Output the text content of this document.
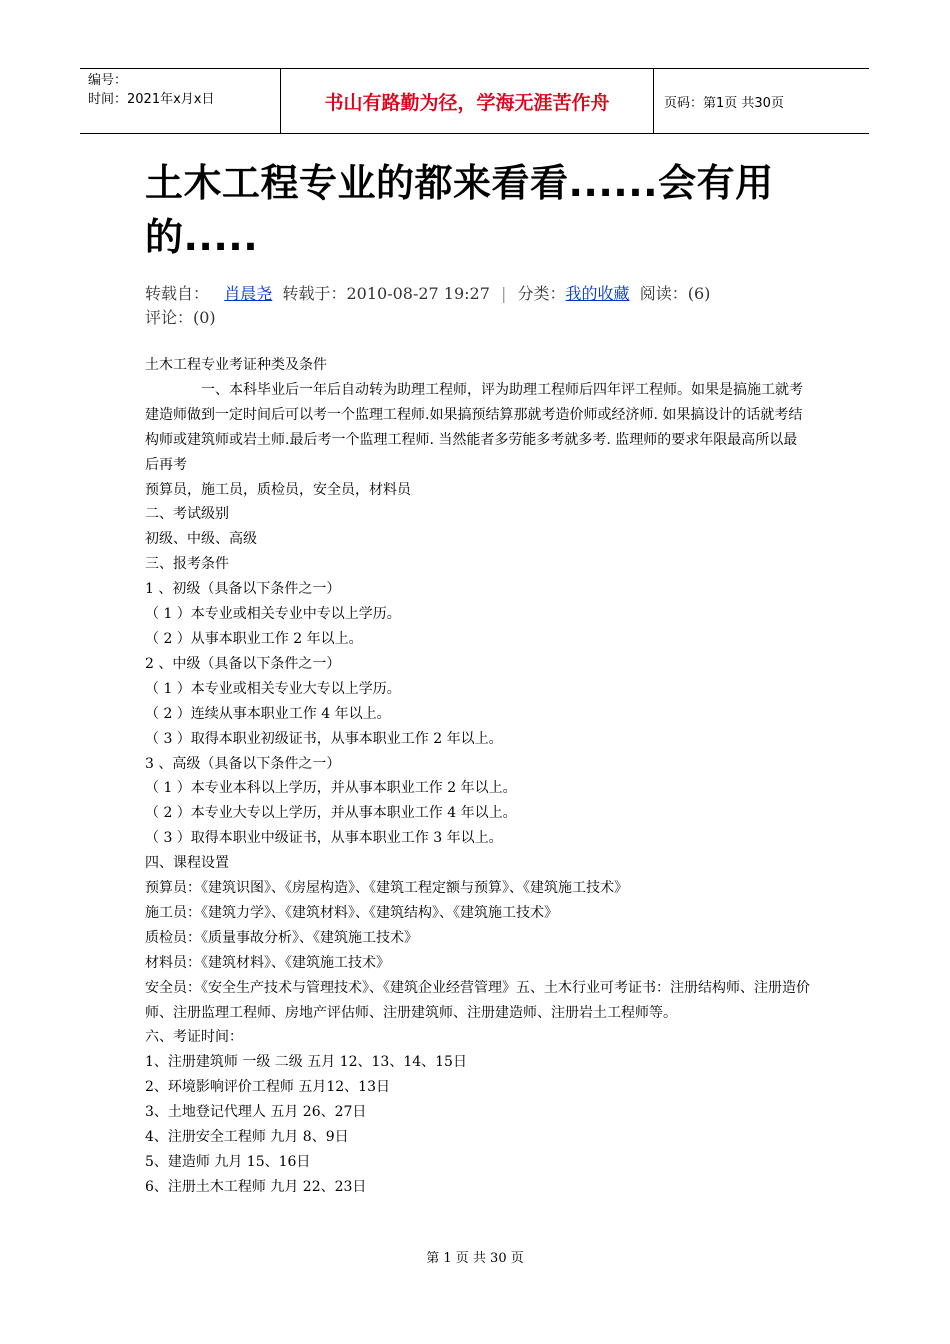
编号：
时间：2021年x月x日	书山有路勤为径，学海无涯苦作舟	页码：第1页 共30页
土木工程专业的都来看看......会有用的.....
转载自： 肖晨尧 转载于：2010-08-27 19:27 | 分类：我的收藏 阅读：(6)
评论：(0)

土木工程专业考证种类及条件

一、本科毕业后一年后自动转为助理工程师，评为助理工程师后四年评工程师。如果是搞施工就考建造师做到一定时间后可以考一个监理工程师.如果搞预结算那就考造价师或经济师. 如果搞设计的话就考结构师或建筑师或岩土师.最后考一个监理工程师. 当然能者多劳能多考就多考. 监理师的要求年限最高所以最后再考

预算员，施工员，质检员，安全员，材料员

二、考试级别

初级、中级、高级

三、报考条件

1 、初级（具备以下条件之一）

（ 1 ）本专业或相关专业中专以上学历。

（ 2 ）从事本职业工作 2 年以上。

2 、中级（具备以下条件之一）

（ 1 ）本专业或相关专业大专以上学历。

（ 2 ）连续从事本职业工作 4 年以上。

（ 3 ）取得本职业初级证书，从事本职业工作 2 年以上。

3 、高级（具备以下条件之一）

（ 1 ）本专业本科以上学历，并从事本职业工作 2 年以上。

（ 2 ）本专业大专以上学历，并从事本职业工作 4 年以上。

（ 3 ）取得本职业中级证书，从事本职业工作 3 年以上。

四、课程设置

预算员：《建筑识图》、《房屋构造》、《建筑工程定额与预算》、《建筑施工技术》

施工员：《建筑力学》、《建筑材料》、《建筑结构》、《建筑施工技术》

质检员：《质量事故分析》、《建筑施工技术》

材料员：《建筑材料》、《建筑施工技术》

安全员：《安全生产技术与管理技术》、《建筑企业经营管理》五、土木行业可考证书：注册结构师、注册造价师、注册监理工程师、房地产评估师、注册建筑师、注册建造师、注册岩土工程师等。

六、考证时间：

1、注册建筑师 一级 二级 五月 12、13、14、15日

2、环境影响评价工程师 五月12、13日

3、土地登记代理人 五月 26、27日

4、注册安全工程师 九月 8、9日

5、建造师 九月 15、16日

6、注册土木工程师 九月 22、23日

第 1 页 共 30 页
